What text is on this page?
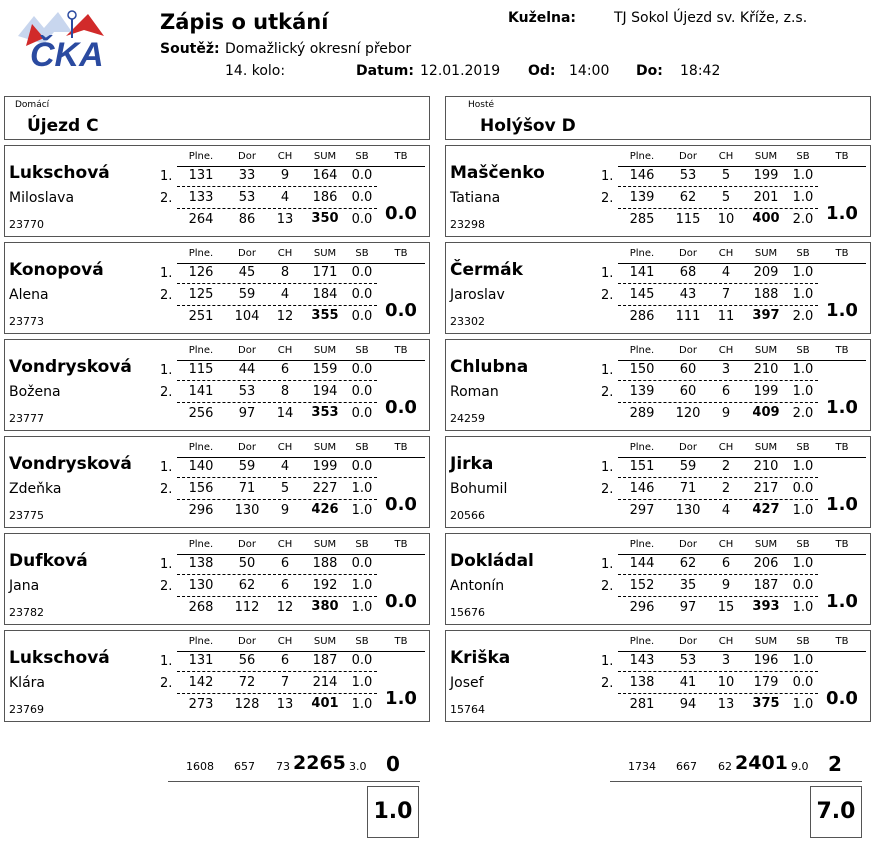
ČKA
Zápis o utkání
Soutěž: Domažlický okresní přebor
14. kolo:	Datum: 12.01.2019 Od: 14:00 Do: 18:42
Kuželna:	TJ Sokol Újezd sv. Kříže, z.s.
Domácí
Újezd C
Hosté
Holýšov D
Lukschová
Miloslava
23770
Plne.	Dor	CH	SUM	SB	TB
1.
2.
131	33	9	164	0.0
133	53	4	186	0.0
264	86	13	350	0.0 0.0
Konopová
Alena
23773
Plne.	Dor	CH	SUM	SB	TB
1.
2.
126	45	8	171	0.0
125	59	4	184	0.0
251	104	12	355	0.0 0.0
Vondrysková
Božena
23777
Plne.	Dor	CH	SUM	SB	TB
1.
2.
115	44	6	159	0.0
141	53	8	194	0.0
256	97	14	353	0.0 0.0
Vondrysková
Zdeňka
23775
Plne.	Dor	CH	SUM	SB	TB
1.
2.
140	59	4	199	0.0
156	71	5	227	1.0
296	130	9	426	1.0 0.0
Dufková
Jana
23782
Plne.	Dor	CH	SUM	SB	TB
1.
2.
138	50	6	188	0.0
130	62	6	192	1.0
268	112	12	380	1.0 0.0
Lukschová
Klára
23769
Plne.	Dor	CH	SUM	SB	TB
1.
2.
131	56	6	187	0.0
142	72	7	214	1.0
273	128	13	401	1.0 1.0
Maščenko
Tatiana
23298
Plne.	Dor	CH	SUM	SB	TB
1.
2.
146	53	5	199	1.0
139	62	5	201	1.0
285	115	10	400	2.0 1.0
Čermák
Jaroslav
23302
Plne.	Dor	CH	SUM	SB	TB
1.
2.
141	68	4	209	1.0
145	43	7	188	1.0
286	111	11	397	2.0 1.0
Chlubna
Roman
24259
Plne.	Dor	CH	SUM	SB	TB
1.
2.
150	60	3	210	1.0
139	60	6	199	1.0
289	120	9	409	2.0 1.0
Jirka
Bohumil
20566
Plne.	Dor	CH	SUM	SB	TB
1.
2.
151	59	2	210	1.0
146	71	2	217	0.0
297	130	4	427	1.0 1.0
Dokládal
Antonín
15676
Plne.	Dor	CH	SUM	SB	TB
1.
2.
144	62	6	206	1.0
152	35	9	187	0.0
296	97	15	393	1.0 1.0
Kriška
Josef
15764
Plne.	Dor	CH	SUM	SB	TB
1.
2.
143	53	3	196	1.0
138	41	10	179	0.0
281	94	13	375	1.0 0.0
1608 657 73 2265 3.0 0	1734 667 62 2401 9.0 2
1.0	7.0
